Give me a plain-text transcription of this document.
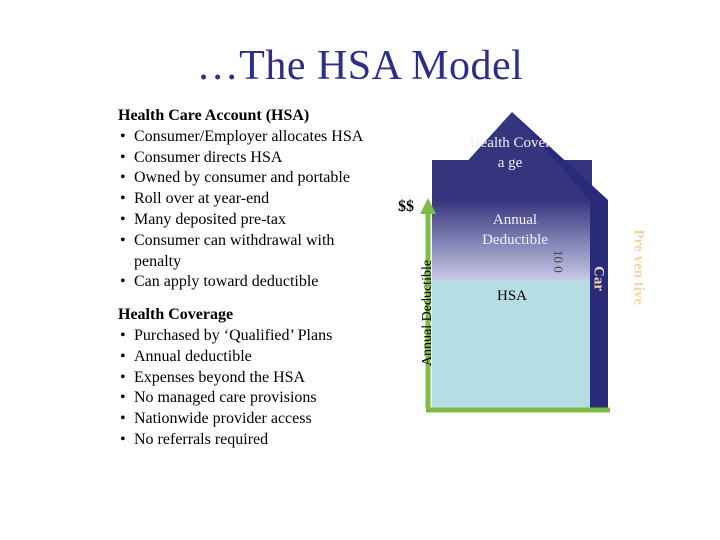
…The HSA Model
Health Care Account (HSA)
• Consumer/Employer allocates HSA
• Consumer directs HSA
• Owned by consumer and portable
• Roll over at year-end
• Many deposited pre-tax
• Consumer can withdrawal with penalty
• Can apply toward deductible
Health Coverage
• Purchased by ‘Qualified’ Plans
• Annual deductible
• Expenses beyond the HSA
• No managed care provisions
• Nationwide provider access
• No referrals required
$$
Annual Deductible
Health Covera ge
Annual Deductible
HSA
10 0
Car Pre ven tive
